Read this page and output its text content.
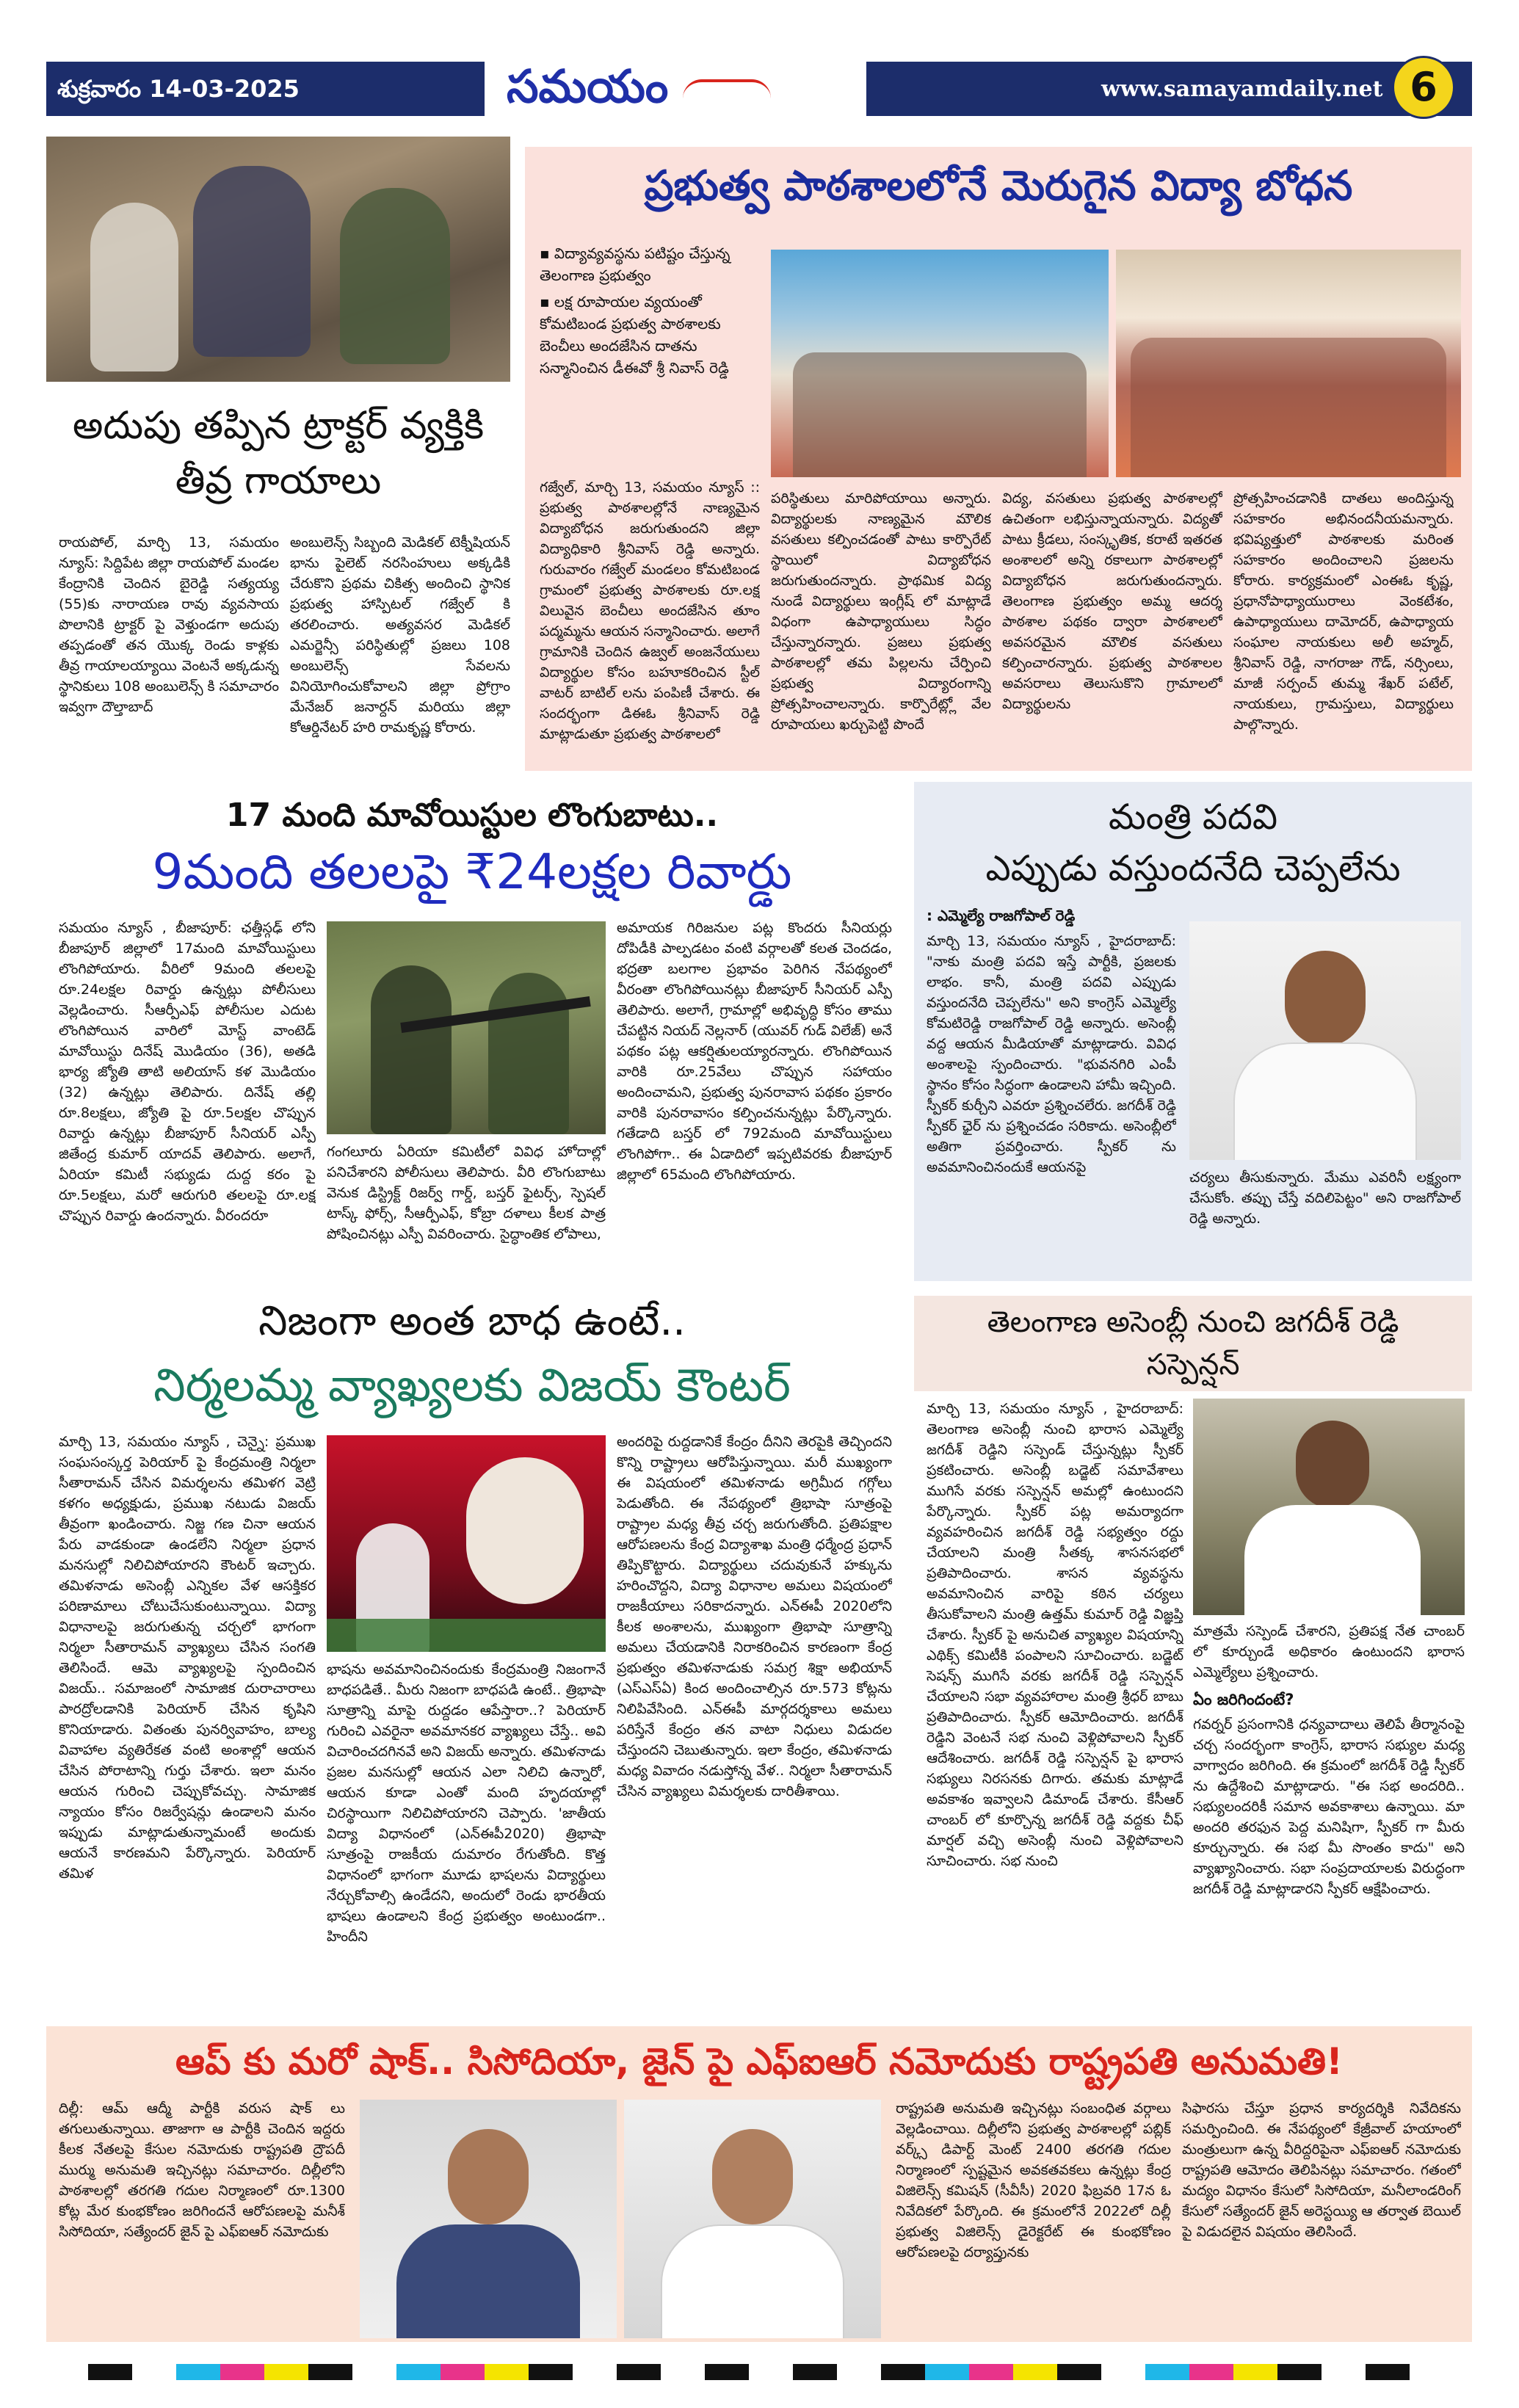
శుక్రవారం 14-03-2025	సమయం	www.samayamdaily.net 6
అదుపు తప్పిన ట్రాక్టర్ వ్యక్తికి
తీవ్ర గాయాలు
రాయపోల్, మార్చి 13, సమయం న్యూస్: సిద్దిపేట జిల్లా రాయపోల్ మండల కేంద్రానికి చెందిన బైరెడ్డి సత్యయ్య (55)కు నారాయణ రావు వ్యవసాయ పొలానికి ట్రాక్టర్ పై వెళ్తుండగా అదుపు తప్పడంతో తన యొక్క రెండు కాళ్లకు తీవ్ర గాయాలయ్యాయి వెంటనే అక్కడున్న స్థానికులు 108 అంబులెన్స్ కి సమాచారం ఇవ్వగా దౌల్తాబాద్
అంబులెన్స్ సిబ్బంది మెడికల్ టెక్నీషియన్ భాను పైలెట్ నరసింహులు అక్కడికి చేరుకొని ప్రథమ చికిత్స అందించి స్థానిక ప్రభుత్వ హాస్పిటల్ గజ్వేల్ కి తరలించారు. అత్యవసర మెడికల్ ఎమర్జెన్సీ పరిస్థితుల్లో ప్రజలు 108 అంబులెన్స్ సేవలను వినియోగించుకోవాలని జిల్లా ప్రోగ్రాం మేనేజర్ జనార్దన్ మరియు జిల్లా కోఆర్డినేటర్ హరి రామకృష్ణ కోరారు.
ప్రభుత్వ పాఠశాలలోనే మెరుగైన విద్యా బోధన
▪ విద్యావ్యవస్థను పటిష్టం చేస్తున్న తెలంగాణ ప్రభుత్వం
▪ లక్ష రూపాయల వ్యయంతో కోమటిబండ ప్రభుత్వ పాఠశాలకు బెంచీలు అందజేసిన దాతను సన్మానించిన డీఈవో శ్రీ నివాస్ రెడ్డి
గజ్వేల్, మార్చి 13, సమయం న్యూస్ :: ప్రభుత్వ పాఠశాలల్లోనే నాణ్యమైన విద్యాబోధన జరుగుతుందని జిల్లా విద్యాధికారి శ్రీనివాస్ రెడ్డి అన్నారు. గురువారం గజ్వేల్ మండలం కోమటిబండ గ్రామంలో ప్రభుత్వ పాఠశాలకు రూ.లక్ష విలువైన బెంచీలు అందజేసిన తూం పద్మమ్మను ఆయన సన్మానించారు. అలాగే గ్రామానికి చెందిన ఉజ్వల్ అంజనేయులు విద్యార్థుల కోసం బహూకరించిన స్టీల్ వాటర్ బాటిల్ లను పంపిణీ చేశారు. ఈ సందర్భంగా డిఈఓ శ్రీనివాస్ రెడ్డి మాట్లాడుతూ ప్రభుత్వ పాఠశాలలో
పరిస్థితులు మారిపోయాయి అన్నారు. విద్యార్థులకు నాణ్యమైన మౌలిక వసతులు కల్పించడంతో పాటు కార్పొరేట్ స్థాయిలో విద్యాబోధన జరుగుతుందన్నారు. ప్రాథమిక విద్య నుండే విద్యార్థులు ఇంగ్లీష్ లో మాట్లాడే విధంగా ఉపాధ్యాయులు సిద్ధం చేస్తున్నారన్నారు. ప్రజలు ప్రభుత్వ పాఠశాలల్లో తమ పిల్లలను చేర్పించి ప్రభుత్వ విద్యారంగాన్ని ప్రోత్సహించాలన్నారు. కార్పొరేట్ల్లో వేల రూపాయలు ఖర్చుపెట్టి పొందే
విద్య, వసతులు ప్రభుత్వ పాఠశాలల్లో ఉచితంగా లభిస్తున్నాయన్నారు. విద్యతో పాటు క్రీడలు, సంస్కృతిక, కరాటే ఇతరత అంశాలలో అన్ని రకాలుగా పాఠశాలల్లో విద్యాబోధన జరుగుతుందన్నారు. తెలంగాణ ప్రభుత్వం అమ్మ ఆదర్శ పాఠశాల పథకం ద్వారా పాఠశాలలో అవసరమైన మౌలిక వసతులు కల్పించారన్నారు. ప్రభుత్వ పాఠశాలల అవసరాలు తెలుసుకొని గ్రామాలలో విద్యార్థులను
ప్రోత్సహించడానికి దాతలు అందిస్తున్న సహకారం అభినందనీయమన్నారు. భవిష్యత్తులో పాఠశాలకు మరింత సహకారం అందించాలని ప్రజలను కోరారు. కార్యక్రమంలో ఎంఈఓ కృష్ణ, ప్రధానోపాధ్యాయురాలు వెంకటేశం, ఉపాధ్యాయులు దామోదర్, ఉపాధ్యాయ సంఘాల నాయకులు అలీ అహ్మద్, శ్రీనివాస్ రెడ్డి, నాగరాజు గౌడ్, నర్సింలు, మాజీ సర్పంచ్ తుమ్మ శేఖర్ పటేల్, నాయకులు, గ్రామస్తులు, విద్యార్థులు పాల్గొన్నారు.
17 మంది మావోయిస్టుల లొంగుబాటు..
9మంది తలలపై ₹24లక్షల రివార్డు
సమయం న్యూస్ , బీజాపూర్: ఛత్తీస్గఢ్ లోని బీజాపూర్ జిల్లాలో 17మంది మావోయిస్టులు లొంగిపోయారు. వీరిలో 9మంది తలలపై రూ.24లక్షల రివార్డు ఉన్నట్లు పోలీసులు వెల్లడించారు. సీఆర్పీఎఫ్ పోలీసుల ఎదుట లొంగిపోయిన వారిలో మోస్ట్ వాంటెడ్ మావోయిస్టు దినేష్ మొడియం (36), అతడి భార్య జ్యోతి తాటి అలియాస్ కళ మొడియం (32) ఉన్నట్లు తెలిపారు. దినేష్ తల్లి రూ.8లక్షలు, జ్యోతి పై రూ.5లక్షల చొప్పున రివార్డు ఉన్నట్లు బీజాపూర్ సీనియర్ ఎస్పీ జితేంద్ర కుమార్ యాదవ్ తెలిపారు. అలాగే, ఏరియా కమిటీ సభ్యుడు దుద్ద కరం పై రూ.5లక్షలు, మరో ఆరుగురి తలలపై రూ.లక్ష చొప్పున రివార్డు ఉందన్నారు. వీరందరూ
గంగలూరు ఏరియా కమిటీలో వివిధ హోదాల్లో పనిచేశారని పోలీసులు తెలిపారు. వీరి లొంగుబాటు వెనుక డిస్ట్రిక్ట్ రిజర్వ్ గార్డ్, బస్తర్ ఫైటర్స్, స్పెషల్ టాస్క్ ఫోర్స్, సీఆర్పీఎఫ్, కోబ్రా దళాలు కీలక పాత్ర పోషించినట్లు ఎస్పీ వివరించారు. సైద్ధాంతిక లోపాలు,
అమాయక గిరిజనుల పట్ల కొందరు సీనియర్లు దోపిడీకి పాల్పడటం వంటి వర్గాలతో కలత చెందడం, భద్రతా బలగాల ప్రభావం పెరిగిన నేపథ్యంలో వీరంతా లొంగిపోయినట్లు బీజాపూర్ సీనియర్ ఎస్పీ తెలిపారు. అలాగే, గ్రామాల్లో అభివృద్ధి కోసం తాము చేపట్టిన నియద్ నెల్లనార్ (యువర్ గుడ్ విలేజ్) అనే పథకం పట్ల ఆకర్షితులయ్యారన్నారు. లొంగిపోయిన వారికి రూ.25వేలు చొప్పున సహాయం అందించామని, ప్రభుత్వ పునరావాస పథకం ప్రకారం వారికి పునరావాసం కల్పించనున్నట్లు పేర్కొన్నారు. గతేడాది బస్తర్ లో 792మంది మావోయిస్టులు లొంగిపోగా.. ఈ ఏడాదిలో ఇప్పటివరకు బీజాపూర్ జిల్లాలో 65మంది లొంగిపోయారు.
మంత్రి పదవి
ఎప్పుడు వస్తుందనేది చెప్పలేను
: ఎమ్మెల్యే రాజగోపాల్ రెడ్డి
మార్చి 13, సమయం న్యూస్ , హైదరాబాద్: "నాకు మంత్రి పదవి ఇస్తే పార్టీకి, ప్రజలకు లాభం. కానీ, మంత్రి పదవి ఎప్పుడు వస్తుందనేది చెప్పలేను" అని కాంగ్రెస్ ఎమ్మెల్యే కోమటిరెడ్డి రాజగోపాల్ రెడ్డి అన్నారు. అసెంబ్లీ వద్ద ఆయన మీడియాతో మాట్లాడారు. వివిధ అంశాలపై స్పందించారు. "భువనగిరి ఎంపీ స్థానం కోసం సిద్ధంగా ఉండాలని హామీ ఇచ్చింది. స్పీకర్ కుర్చీని ఎవరూ ప్రశ్నించలేరు. జగదీశ్ రెడ్డి స్పీకర్ ఛైర్ ను ప్రశ్నించడం సరికాదు. అసెంబ్లీలో అతిగా ప్రవర్తించారు. స్పీకర్ ను అవమానించినందుకే ఆయనపై
చర్యలు తీసుకున్నారు. మేము ఎవరినీ లక్ష్యంగా చేసుకోం. తప్పు చేస్తే వదిలిపెట్టం" అని రాజగోపాల్ రెడ్డి అన్నారు.
నిజంగా అంత బాధ ఉంటే..
నిర్మలమ్మ వ్యాఖ్యలకు విజయ్ కౌంటర్
మార్చి 13, సమయం న్యూస్ , చెన్నై: ప్రముఖ సంఘసంస్కర్త పెరియార్ పై కేంద్రమంత్రి నిర్మలా సీతారామన్ చేసిన విమర్శలను తమిళగ వెట్రి కళగం అధ్యక్షుడు, ప్రముఖ నటుడు విజయ్ తీవ్రంగా ఖండించారు. నిజ్జ గణ చినా ఆయన పేరు వాడకుండా ఉండలేని నిర్మలా ప్రధాన మనసుల్లో నిలిచిపోయారని కౌంటర్ ఇచ్చారు. తమిళనాడు అసెంబ్లీ ఎన్నికల వేళ ఆసక్తికర పరిణామాలు చోటుచేసుకుంటున్నాయి. విద్యా విధానాలపై జరుగుతున్న చర్చలో భాగంగా నిర్మలా సీతారామన్ వ్యాఖ్యలు చేసిన సంగతి తెలిసిందే. ఆమె వ్యాఖ్యలపై స్పందించిన విజయ్.. సమాజంలో సామాజిక దురాచారాలు పారద్రోలడానికి పెరియార్ చేసిన కృషిని కొనియాడారు. వితంతు పునర్వివాహం, బాల్య వివాహాల వ్యతిరేకత వంటి అంశాల్లో ఆయన చేసిన పోరాటాన్ని గుర్తు చేశారు. ఇలా మనం ఆయన గురించి చెప్పుకోవచ్చు. సామాజిక న్యాయం కోసం రిజర్వేషన్లు ఉండాలని మనం ఇప్పుడు మాట్లాడుతున్నామంటే అందుకు ఆయనే కారణమని పేర్కొన్నారు. పెరియార్ తమిళ
భాషను అవమానించినందుకు కేంద్రమంత్రి నిజంగానే బాధపడితే.. మీరు నిజంగా బాధపడి ఉంటే.. త్రిభాషా సూత్రాన్ని మాపై రుద్దడం ఆపేస్తారా..? పెరియార్ గురించి ఎవరైనా అవమానకర వ్యాఖ్యలు చేస్తే.. అవి విచారించదగినవే అని విజయ్ అన్నారు. తమిళనాడు ప్రజల మనసుల్లో ఆయన ఎలా నిలిచి ఉన్నారో, ఆయన కూడా ఎంతో మంది హృదయాల్లో చిరస్థాయిగా నిలిచిపోయారని చెప్పారు. 'జాతీయ విద్యా విధానంలో (ఎన్ఈపీ2020) త్రిభాషా సూత్రంపై రాజకీయ దుమారం రేగుతోంది. కొత్త విధానంలో భాగంగా మూడు భాషలను విద్యార్థులు నేర్చుకోవాల్సి ఉండేదని, అందులో రెండు భారతీయ భాషలు ఉండాలని కేంద్ర ప్రభుత్వం అంటుండగా.. హిందీని
అందరిపై రుద్దడానికే కేంద్రం దీనిని తెరపైకి తెచ్చిందని కొన్ని రాష్ట్రాలు ఆరోపిస్తున్నాయి. మరీ ముఖ్యంగా ఈ విషయంలో తమిళనాడు అగ్రిమీద గగ్గోలు పెడుతోంది. ఈ నేపథ్యంలో త్రిభాషా సూత్రంపై రాష్ట్రాల మధ్య తీవ్ర చర్చ జరుగుతోంది. ప్రతిపక్షాల ఆరోపణలను కేంద్ర విద్యాశాఖ మంత్రి ధర్మేంద్ర ప్రధాన్ తిప్పికొట్టారు. విద్యార్థులు చదువుకునే హక్కును హరించొద్దని, విద్యా విధానాల అమలు విషయంలో రాజకీయాలు సరికాదన్నారు. ఎన్ఈపీ 2020లోని కీలక అంశాలను, ముఖ్యంగా త్రిభాషా సూత్రాన్ని అమలు చేయడానికి నిరాకరించిన కారణంగా కేంద్ర ప్రభుత్వం తమిళనాడుకు సమగ్ర శిక్షా అభియాన్ (ఎస్ఎస్ఏ) కింద అందించాల్సిన రూ.573 కోట్లను నిలిపివేసింది. ఎన్ఈపీ మార్గదర్శకాలు అమలు పరిస్తేనే కేంద్రం తన వాటా నిధులు విడుదల చేస్తుందని చెబుతున్నారు. ఇలా కేంద్రం, తమిళనాడు మధ్య వివాదం నడుస్తోన్న వేళ.. నిర్మలా సీతారామన్ చేసిన వ్యాఖ్యలు విమర్శలకు దారితీశాయి.
తెలంగాణ అసెంబ్లీ నుంచి జగదీశ్ రెడ్డి
సస్పెన్షన్
మార్చి 13, సమయం న్యూస్ , హైదరాబాద్: తెలంగాణ అసెంబ్లీ నుంచి భారాస ఎమ్మెల్యే జగదీశ్ రెడ్డిని సస్పెండ్ చేస్తున్నట్లు స్పీకర్ ప్రకటించారు. అసెంబ్లీ బడ్జెట్ సమావేశాలు ముగిసే వరకు సస్పెన్షన్ అమల్లో ఉంటుందని పేర్కొన్నారు. స్పీకర్ పట్ల అమర్యాదగా వ్యవహరించిన జగదీశ్ రెడ్డి సభ్యత్వం రద్దు చేయాలని మంత్రి సీతక్క శాసనసభలో ప్రతిపాదించారు. శాసన వ్యవస్థను అవమానించిన వారిపై కఠిన చర్యలు తీసుకోవాలని మంత్రి ఉత్తమ్ కుమార్ రెడ్డి విజ్ఞప్తి చేశారు. స్పీకర్ పై అనుచిత వ్యాఖ్యల విషయాన్ని ఎథిక్స్ కమిటీకి పంపాలని సూచించారు. బడ్జెట్ సెషన్స్ ముగిసే వరకు జగదీశ్ రెడ్డి సస్పెన్షన్ చేయాలని సభా వ్యవహారాల మంత్రి శ్రీధర్ బాబు ప్రతిపాదించారు. స్పీకర్ ఆమోదించారు. జగదీశ్ రెడ్డిని వెంటనే సభ నుంచి వెళ్లిపోవాలని స్పీకర్ ఆదేశించారు. జగదీశ్ రెడ్డి సస్పెన్షన్ పై భారాస సభ్యులు నిరసనకు దిగారు. తమకు మాట్లాడే అవకాశం ఇవ్వాలని డిమాండ్ చేశారు. కేసీఆర్ చాంబర్ లో కూర్చొన్న జగదీశ్ రెడ్డి వద్దకు చీఫ్ మార్షల్ వచ్చి అసెంబ్లీ నుంచి వెళ్లిపోవాలని సూచించారు. సభ నుంచి
మాత్రమే సస్పెండ్ చేశారని, ప్రతిపక్ష నేత చాంబర్ లో కూర్చుండే అధికారం ఉంటుందని భారాస ఎమ్మెల్యేలు ప్రశ్నించారు.
ఏం జరిగిందంటే?
గవర్నర్ ప్రసంగానికి ధన్యవాదాలు తెలిపే తీర్మానంపై చర్చ సందర్భంగా కాంగ్రెస్, భారాస సభ్యుల మధ్య వాగ్వాదం జరిగింది. ఈ క్రమంలో జగదీశ్ రెడ్డి స్పీకర్ ను ఉద్దేశించి మాట్లాడారు. "ఈ సభ అందరిది.. సభ్యులందరికీ సమాన అవకాశాలు ఉన్నాయి. మా అందరి తరఫున పెద్ద మనిషిగా, స్పీకర్ గా మీరు కూర్చున్నారు. ఈ సభ మీ సొంతం కాదు" అని వ్యాఖ్యానించారు. సభా సంప్రదాయాలకు విరుద్ధంగా జగదీశ్ రెడ్డి మాట్లాడారని స్పీకర్ ఆక్షేపించారు.
ఆప్ కు మరో షాక్.. సిసోదియా, జైన్ పై ఎఫ్ఐఆర్ నమోదుకు రాష్ట్రపతి అనుమతి!
దిల్లీ: ఆమ్ ఆద్మీ పార్టీకి వరుస షాక్ లు తగులుతున్నాయి. తాజాగా ఆ పార్టీకి చెందిన ఇద్దరు కీలక నేతలపై కేసుల నమోదుకు రాష్ట్రపతి ద్రౌపదీ ముర్ము అనుమతి ఇచ్చినట్లు సమాచారం. దిల్లీలోని పాఠశాలల్లో తరగతి గదుల నిర్మాణంలో రూ.1300 కోట్ల మేర కుంభకోణం జరిగిందనే ఆరోపణలపై మనీశ్ సిసోదియా, సత్యేందర్ జైన్ పై ఎఫ్ఐఆర్ నమోదుకు
రాష్ట్రపతి అనుమతి ఇచ్చినట్లు సంబంధిత వర్గాలు వెల్లడించాయి. దిల్లీలోని ప్రభుత్వ పాఠశాలల్లో పబ్లిక్ వర్క్స్ డిపార్ట్ మెంట్ 2400 తరగతి గదుల నిర్మాణంలో స్పష్టమైన అవకతవకలు ఉన్నట్లు కేంద్ర విజిలెన్స్ కమిషన్ (సీవీసీ) 2020 ఫిబ్రవరి 17న ఓ నివేదికలో పేర్కొంది. ఈ క్రమంలోనే 2022లో దిల్లీ ప్రభుత్వ విజిలెన్స్ డైరెక్టరేట్ ఈ కుంభకోణం ఆరోపణలపై దర్యాప్తునకు
సిఫారసు చేస్తూ ప్రధాన కార్యదర్శికి నివేదికను సమర్పించింది. ఈ నేపథ్యంలో కేజ్రీవాల్ హయాంలో మంత్రులుగా ఉన్న వీరిద్దరిపైనా ఎఫ్ఐఆర్ నమోదుకు రాష్ట్రపతి ఆమోదం తెలిపినట్లు సమాచారం. గతంలో మద్యం విధానం కేసులో సిసోదియా, మనీలాండరింగ్ కేసులో సత్యేందర్ జైన్ అరెస్టయ్యి ఆ తర్వాత బెయిల్ పై విడుదలైన విషయం తెలిసిందే.
